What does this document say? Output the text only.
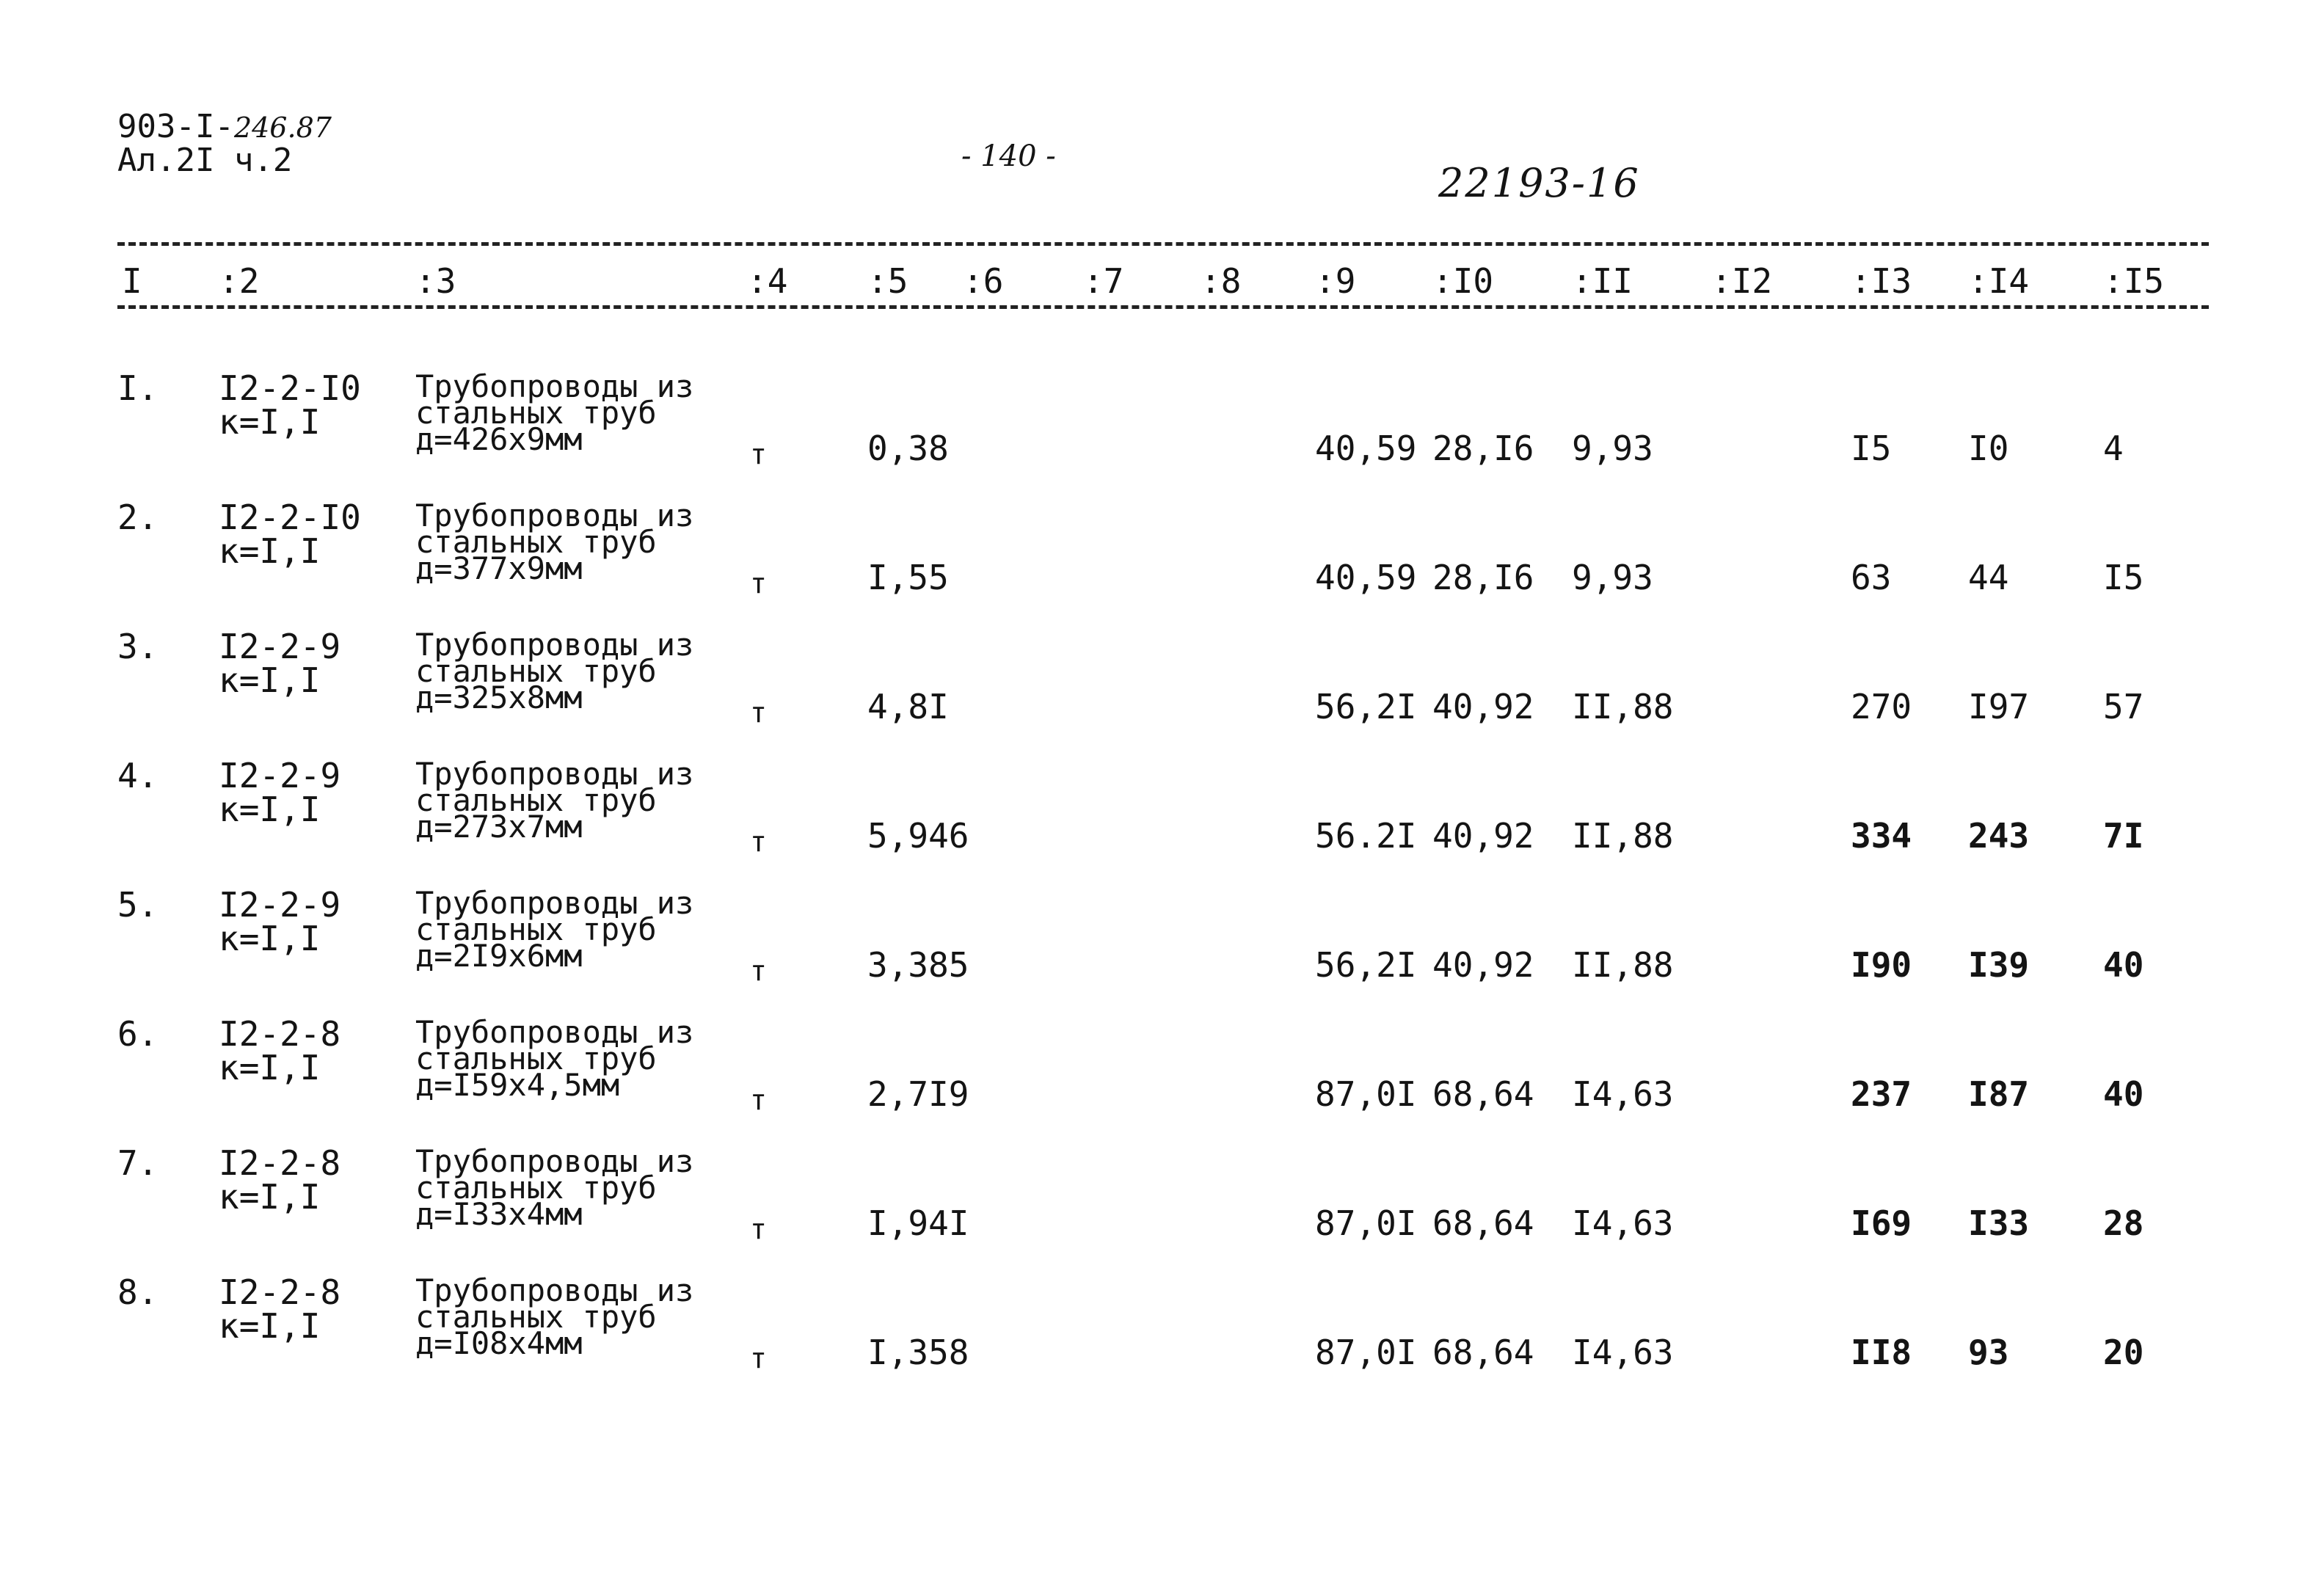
903-I-246.87
Ал.2I ч.2	- 140 -
22193-16
I :2	:3	:4 :5 :6 :7 :8 :9 :I0 :II :I2 :I3 :I4 :I5
I. I2-2-I0
к=I,I
Трубопроводы из
стальных труб
д=426х9мм	т	0,38	40,59 28,I6 9,93	I5 I0	4
2. I2-2-I0
к=I,I
Трубопроводы из
стальных труб
д=377х9мм	т	I,55	40,59 28,I6 9,93	63 44	I5
3. I2-2-9
к=I,I
Трубопроводы из
стальных труб
д=325х8мм	т	4,8I	56,2I 40,92 II,88	270 I97 57
4. I2-2-9
к=I,I
Трубопроводы из
стальных труб
д=273х7мм	т	5,946	56.2I 40,92 II,88	334 243 7I
5. I2-2-9
к=I,I
Трубопроводы из
стальных труб
д=2I9х6мм	т	3,385	56,2I 40,92 II,88	I90 I39 40
6. I2-2-8
к=I,I
Трубопроводы из
стальных труб
д=I59х4,5мм	т	2,7I9	87,0I 68,64 I4,63	237 I87 40
7. I2-2-8
к=I,I
Трубопроводы из
стальных труб
д=I33х4мм	т	I,94I	87,0I 68,64 I4,63	I69 I33 28
8. I2-2-8
к=I,I
Трубопроводы из
стальных труб
д=I08х4мм	т	I,358	87,0I 68,64 I4,63	II8 93	20
